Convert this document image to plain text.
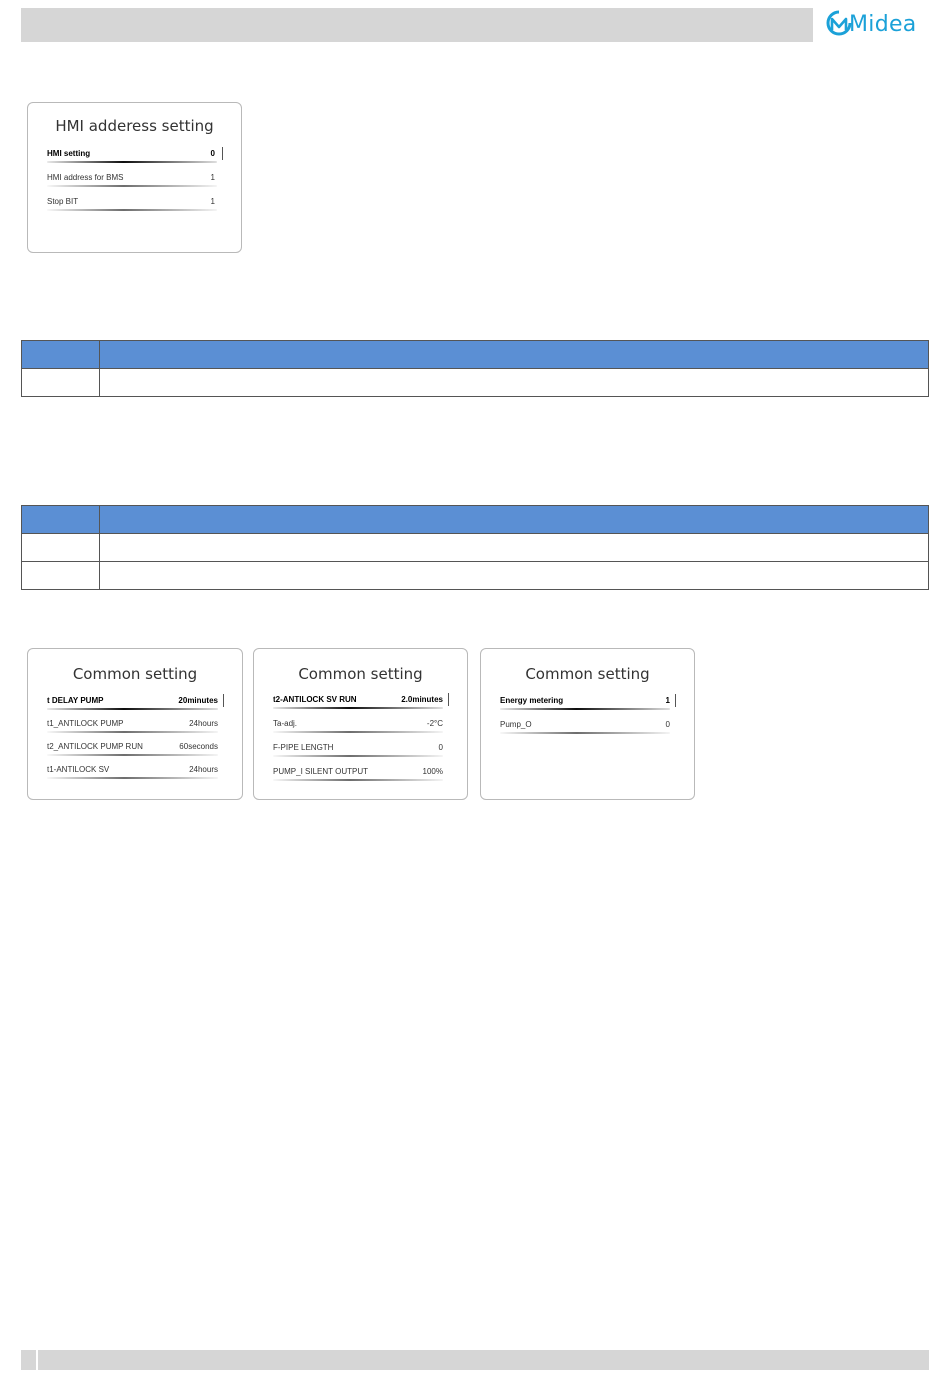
Midea
HMI adderess setting
HMI setting	0
HMI address for BMS	1
Stop BIT	1

Common setting
t DELAY PUMP	20minutes
t1_ANTILOCK PUMP	24hours
t2_ANTILOCK PUMP RUN	60seconds
t1-ANTILOCK SV	24hours
Common setting
t2-ANTILOCK SV RUN	2.0minutes
Ta-adj.	-2°C
F-PIPE LENGTH	0
PUMP_I SILENT OUTPUT	100%
Common setting
Energy metering	1
Pump_O	0
